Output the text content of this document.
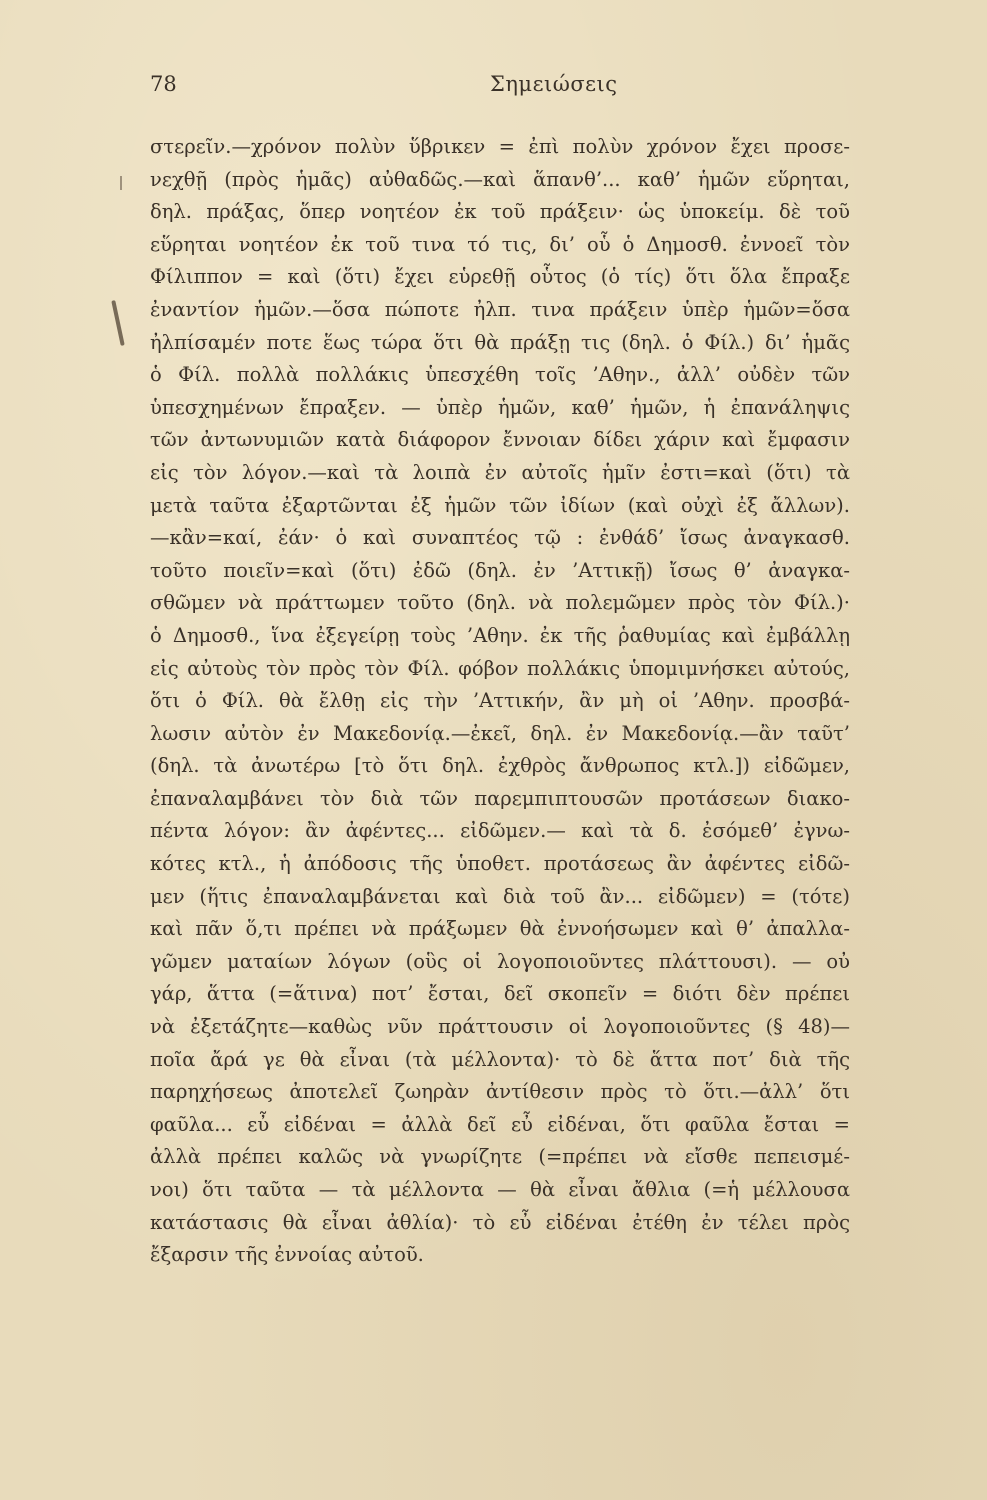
78	Σημειώσεις
στερεῖν.—χρόνον πολὺν ὕβρικεν = ἐπὶ πολὺν χρόνον ἔχει προσε-
νεχθῇ (πρὸς ἡμᾶς) αὐθαδῶς.—καὶ ἅπανθ’... καθ’ ἡμῶν εὕρηται,
δηλ. πράξας, ὅπερ νοητέον ἐκ τοῦ πράξειν· ὡς ὑποκείμ. δὲ τοῦ
εὕρηται νοητέον ἐκ τοῦ τινα τό τις, δι’ οὗ ὁ Δημοσθ. ἐννοεῖ τὸν
Φίλιππον = καὶ (ὅτι) ἔχει εὑρεθῇ οὗτος (ὁ τίς) ὅτι ὅλα ἔπραξε
ἐναντίον ἡμῶν.—ὅσα πώποτε ἠλπ. τινα πράξειν ὑπὲρ ἡμῶν=ὅσα
ἠλπίσαμέν ποτε ἕως τώρα ὅτι θὰ πράξῃ τις (δηλ. ὁ Φίλ.) δι’ ἡμᾶς
ὁ Φίλ. πολλὰ πολλάκις ὑπεσχέθη τοῖς ’Αθην., ἀλλ’ οὐδὲν τῶν
ὑπεσχημένων ἔπραξεν. — ὑπὲρ ἡμῶν, καθ’ ἡμῶν, ἡ ἐπανάληψις
τῶν ἀντωνυμιῶν κατὰ διάφορον ἔννοιαν δίδει χάριν καὶ ἔμφασιν
εἰς τὸν λόγον.—καὶ τὰ λοιπὰ ἐν αὐτοῖς ἡμῖν ἐστι=καὶ (ὅτι) τὰ
μετὰ ταῦτα ἐξαρτῶνται ἐξ ἡμῶν τῶν ἰδίων (καὶ οὐχὶ ἐξ ἄλλων).
—κἂν=καί, ἐάν· ὁ καὶ συναπτέος τῷ : ἐνθάδ’ ἴσως ἀναγκασθ.
τοῦτο ποιεῖν=καὶ (ὅτι) ἐδῶ (δηλ. ἐν ’Αττικῇ) ἴσως θ’ ἀναγκα-
σθῶμεν νὰ πράττωμεν τοῦτο (δηλ. νὰ πολεμῶμεν πρὸς τὸν Φίλ.)·
ὁ Δημοσθ., ἵνα ἐξεγείρῃ τοὺς ’Αθην. ἐκ τῆς ῥαθυμίας καὶ ἐμβάλλῃ
εἰς αὐτοὺς τὸν πρὸς τὸν Φίλ. φόβον πολλάκις ὑπομιμνήσκει αὐτούς,
ὅτι ὁ Φίλ. θὰ ἔλθῃ εἰς τὴν ’Αττικήν, ἂν μὴ οἱ ’Αθην. προσβά-
λωσιν αὐτὸν ἐν Μακεδονίᾳ.—ἐκεῖ, δηλ. ἐν Μακεδονίᾳ.—ἂν ταῦτ’
(δηλ. τὰ ἀνωτέρω [τὸ ὅτι δηλ. ἐχθρὸς ἄνθρωπος κτλ.]) εἰδῶμεν,
ἐπαναλαμβάνει τὸν διὰ τῶν παρεμπιπτουσῶν προτάσεων διακο-
πέντα λόγον: ἂν ἀφέντες... εἰδῶμεν.— καὶ τὰ δ. ἐσόμεθ’ ἐγνω-
κότες κτλ., ἡ ἀπόδοσις τῆς ὑποθετ. προτάσεως ἂν ἀφέντες εἰδῶ-
μεν (ἥτις ἐπαναλαμβάνεται καὶ διὰ τοῦ ἂν... εἰδῶμεν) = (τότε)
καὶ πᾶν ὅ,τι πρέπει νὰ πράξωμεν θὰ ἐννοήσωμεν καὶ θ’ ἀπαλλα-
γῶμεν ματαίων λόγων (οὓς οἱ λογοποιοῦντες πλάττουσι). — οὐ
γάρ, ἅττα (=ἅτινα) ποτ’ ἔσται, δεῖ σκοπεῖν = διότι δὲν πρέπει
νὰ ἐξετάζητε—καθὼς νῦν πράττουσιν οἱ λογοποιοῦντες (§ 48)—
ποῖα ἄρά γε θὰ εἶναι (τὰ μέλλοντα)· τὸ δὲ ἅττα ποτ’ διὰ τῆς
παρηχήσεως ἀποτελεῖ ζωηρὰν ἀντίθεσιν πρὸς τὸ ὅτι.—ἀλλ’ ὅτι
φαῦλα... εὖ εἰδέναι = ἀλλὰ δεῖ εὖ εἰδέναι, ὅτι φαῦλα ἔσται =
ἀλλὰ πρέπει καλῶς νὰ γνωρίζητε (=πρέπει νὰ εἴσθε πεπεισμέ-
νοι) ὅτι ταῦτα — τὰ μέλλοντα — θὰ εἶναι ἄθλια (=ἡ μέλλουσα
κατάστασις θὰ εἶναι ἀθλία)· τὸ εὖ εἰδέναι ἐτέθη ἐν τέλει πρὸς
ἔξαρσιν τῆς ἐννοίας αὐτοῦ.
